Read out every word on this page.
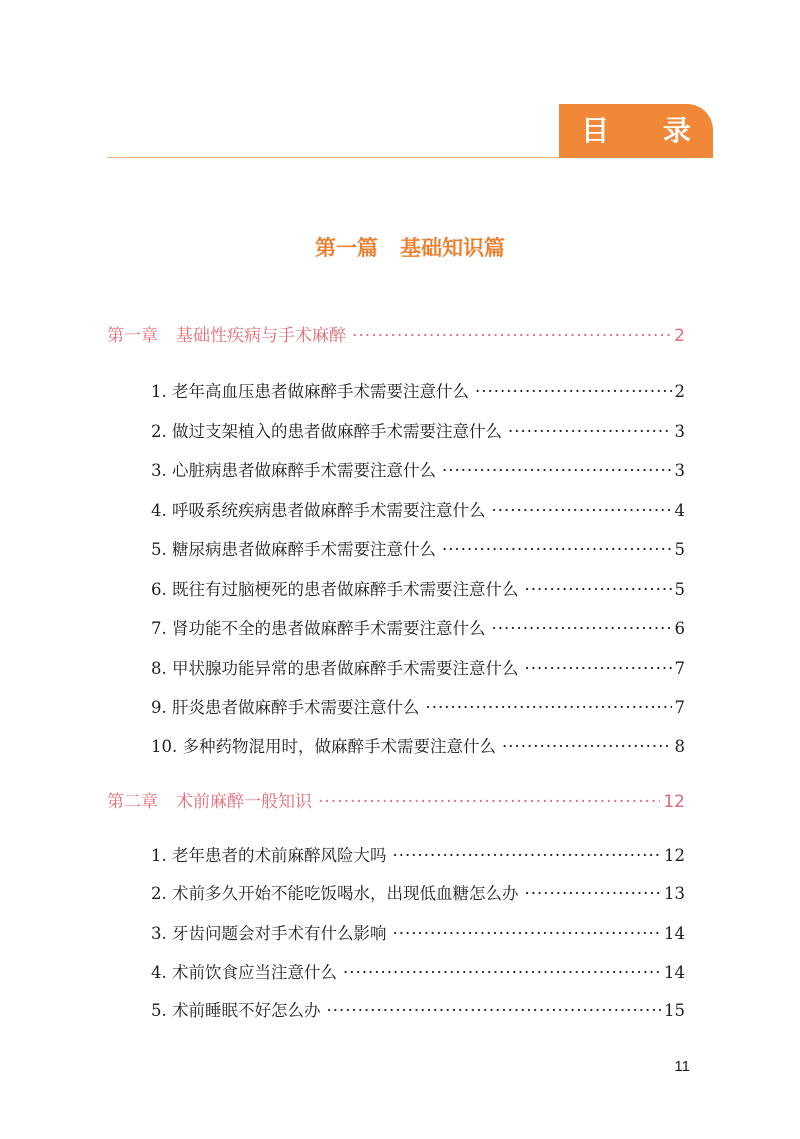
目 录
第一篇 基础知识篇
第一章 基础性疾病与手术麻醉 ·····	2
1. 老年高血压患者做麻醉手术需要注意什么 ·····	2
2. 做过支架植入的患者做麻醉手术需要注意什么 ·····	3
3. 心脏病患者做麻醉手术需要注意什么 ·····	3
4. 呼吸系统疾病患者做麻醉手术需要注意什么 ·····	4
5. 糖尿病患者做麻醉手术需要注意什么 ·····	5
6. 既往有过脑梗死的患者做麻醉手术需要注意什么 ·····	5
7. 肾功能不全的患者做麻醉手术需要注意什么 ·····	6
8. 甲状腺功能异常的患者做麻醉手术需要注意什么 ·····	7
9. 肝炎患者做麻醉手术需要注意什么 ·····	7
10. 多种药物混用时，做麻醉手术需要注意什么 ·····	8
第二章 术前麻醉一般知识 ·····	12
1. 老年患者的术前麻醉风险大吗 ·····	12
2. 术前多久开始不能吃饭喝水，出现低血糖怎么办 ·····	13
3. 牙齿问题会对手术有什么影响 ·····	14
4. 术前饮食应当注意什么 ·····	14
5. 术前睡眠不好怎么办 ·····	15
11
